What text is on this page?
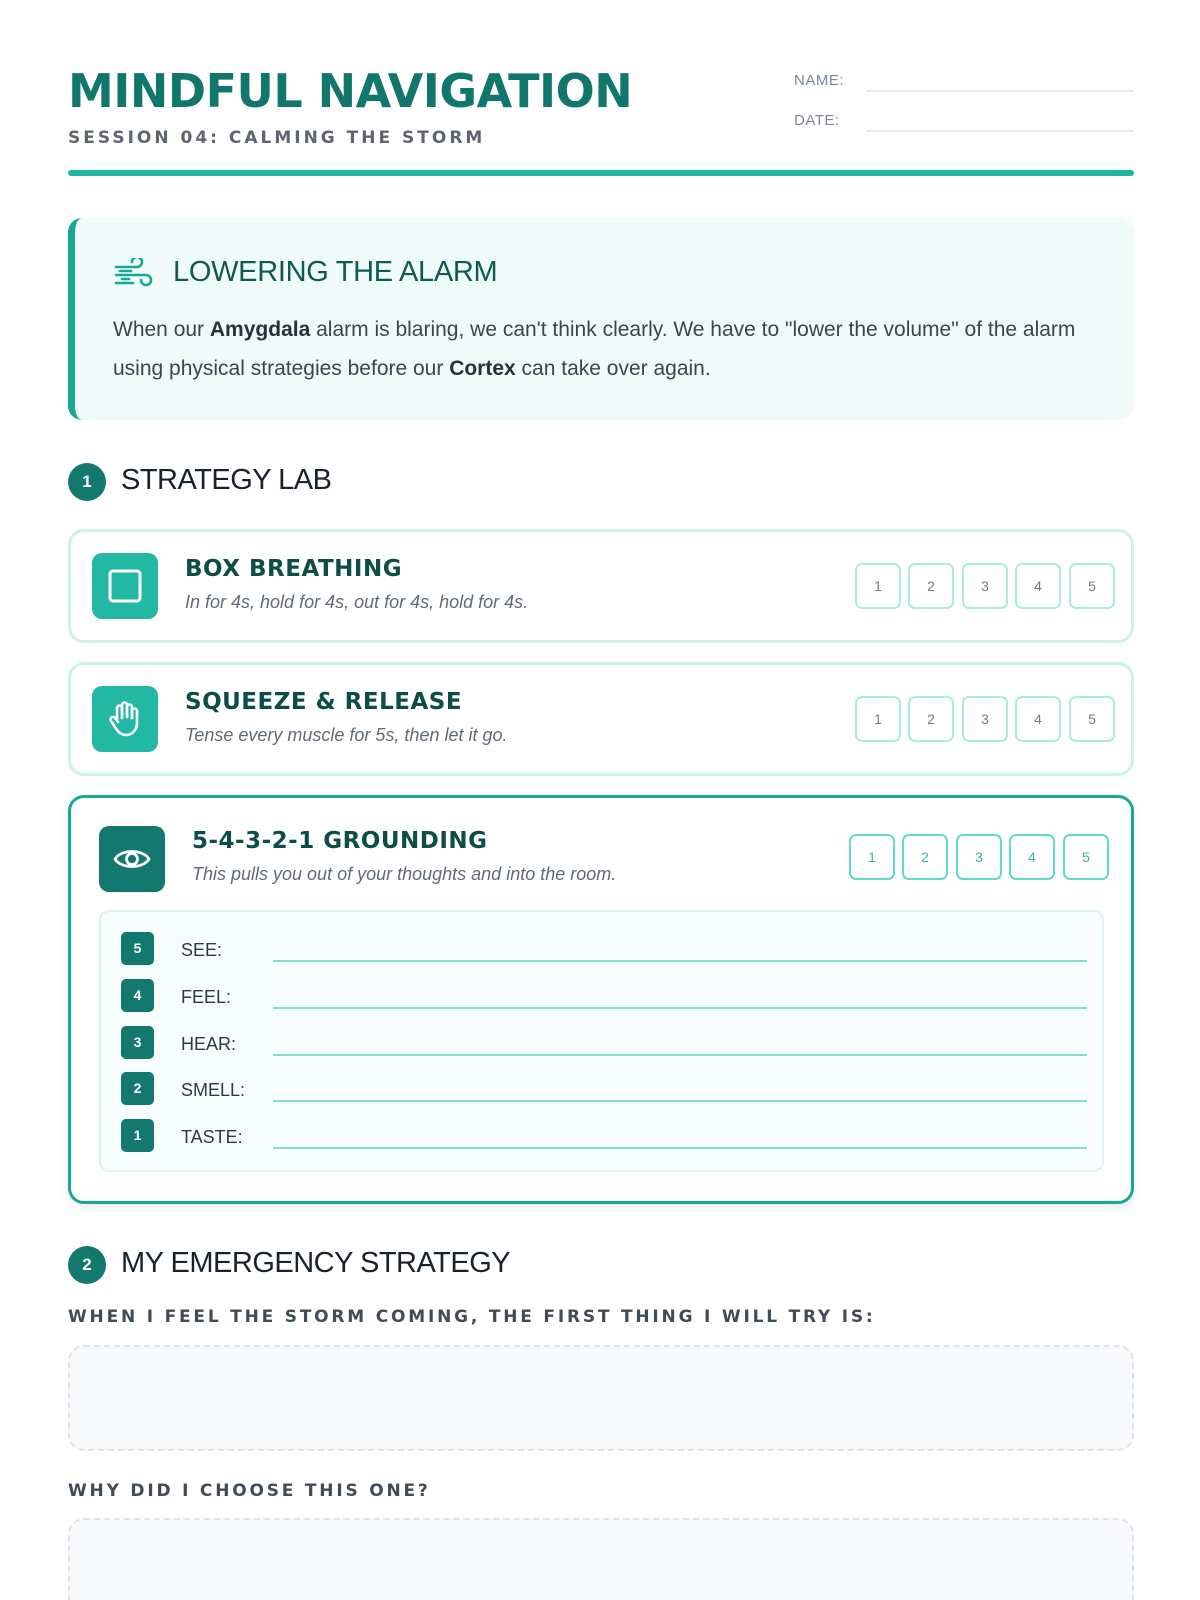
MINDFUL NAVIGATION
SESSION 04: CALMING THE STORM
NAME:
DATE:
LOWERING THE ALARM
When our Amygdala alarm is blaring, we can't think clearly. We have to "lower the volume" of the alarm using physical strategies before our Cortex can take over again.
1	STRATEGY LAB
BOX BREATHING
In for 4s, hold for 4s, out for 4s, hold for 4s.
1	2	3	4	5
SQUEEZE & RELEASE
Tense every muscle for 5s, then let it go.
1	2	3	4	5
5-4-3-2-1 GROUNDING
This pulls you out of your thoughts and into the room.
1	2	3	4	5
5	SEE:
4	FEEL:
3	HEAR:
2	SMELL:
1	TASTE:
2	MY EMERGENCY STRATEGY
WHEN I FEEL THE STORM COMING, THE FIRST THING I WILL TRY IS:
WHY DID I CHOOSE THIS ONE?
